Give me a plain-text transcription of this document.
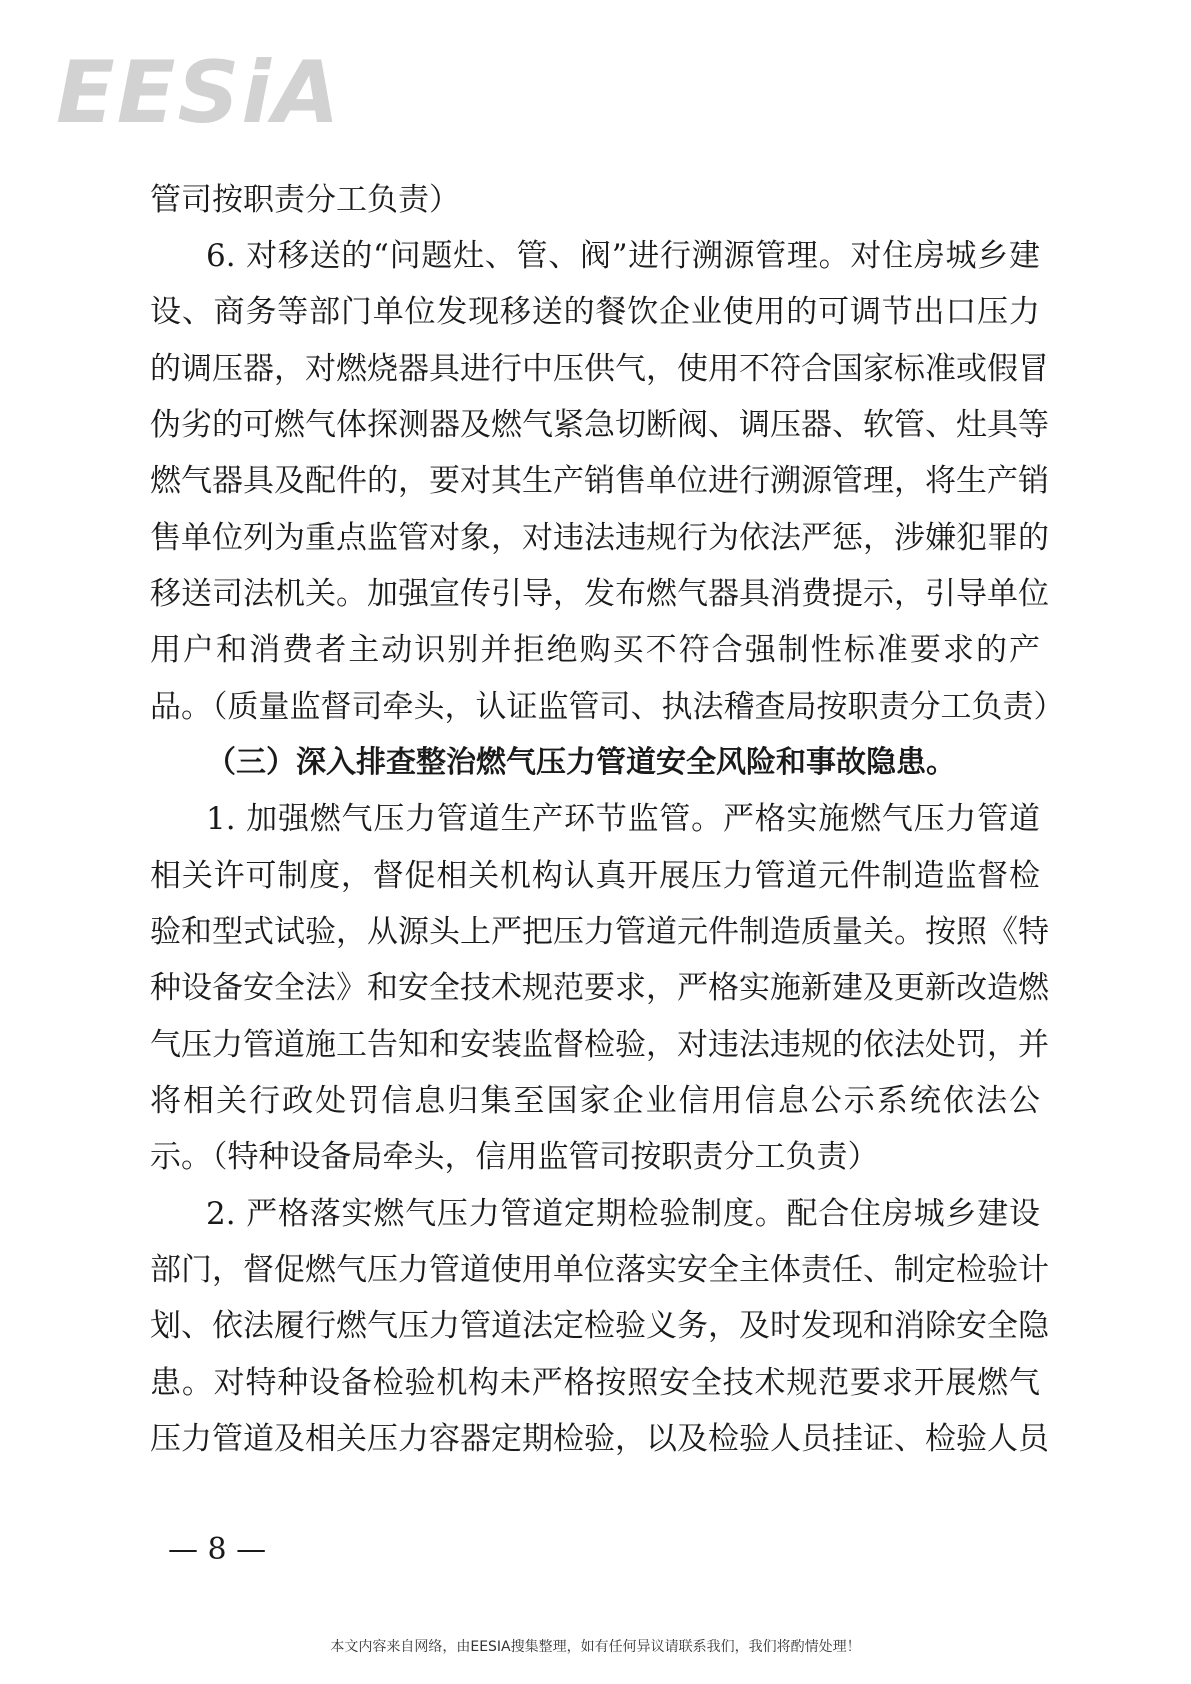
EESiA
管司按职责分工负责）
6. 对移送的“问题灶、管、阀”进行溯源管理。对住房城乡建
设、商务等部门单位发现移送的餐饮企业使用的可调节出口压力
的调压器，对燃烧器具进行中压供气，使用不符合国家标准或假冒
伪劣的可燃气体探测器及燃气紧急切断阀、调压器、软管、灶具等
燃气器具及配件的，要对其生产销售单位进行溯源管理，将生产销
售单位列为重点监管对象，对违法违规行为依法严惩，涉嫌犯罪的
移送司法机关。加强宣传引导，发布燃气器具消费提示，引导单位
用户和消费者主动识别并拒绝购买不符合强制性标准要求的产
品。（质量监督司牵头，认证监管司、执法稽查局按职责分工负责）
（三）深入排查整治燃气压力管道安全风险和事故隐患。
1. 加强燃气压力管道生产环节监管。严格实施燃气压力管道
相关许可制度，督促相关机构认真开展压力管道元件制造监督检
验和型式试验，从源头上严把压力管道元件制造质量关。按照《特
种设备安全法》和安全技术规范要求，严格实施新建及更新改造燃
气压力管道施工告知和安装监督检验，对违法违规的依法处罚，并
将相关行政处罚信息归集至国家企业信用信息公示系统依法公
示。（特种设备局牵头，信用监管司按职责分工负责）
2. 严格落实燃气压力管道定期检验制度。配合住房城乡建设
部门，督促燃气压力管道使用单位落实安全主体责任、制定检验计
划、依法履行燃气压力管道法定检验义务，及时发现和消除安全隐
患。对特种设备检验机构未严格按照安全技术规范要求开展燃气
压力管道及相关压力容器定期检验，以及检验人员挂证、检验人员
— 8 —
本文内容来自网络，由EESIA搜集整理，如有任何异议请联系我们，我们将酌情处理！
